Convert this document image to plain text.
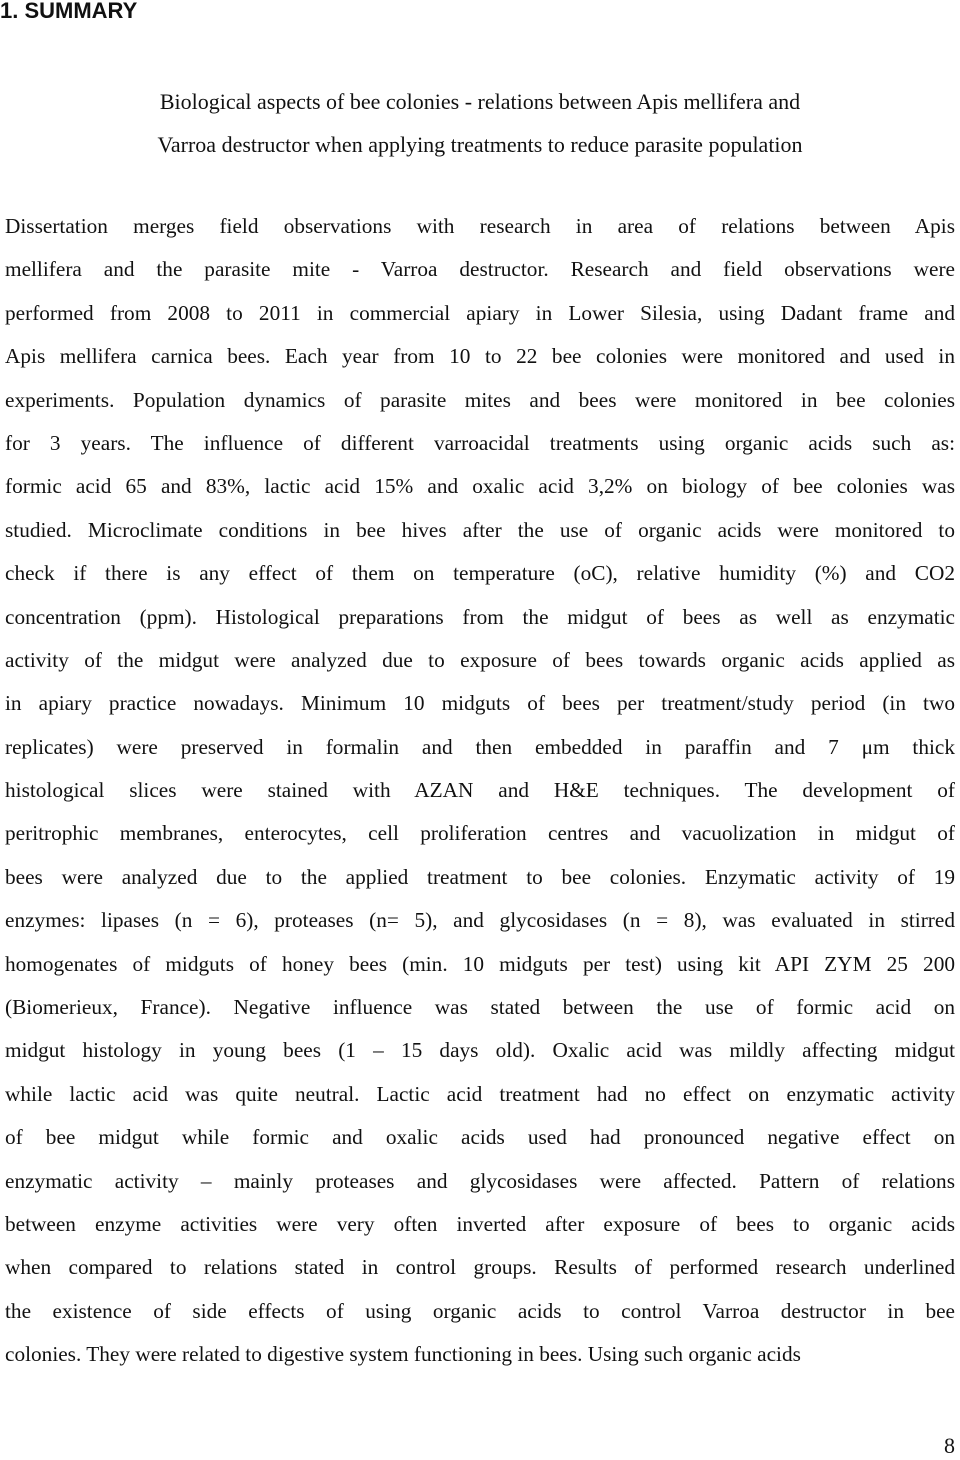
1. SUMMARY
Biological aspects of bee colonies - relations between Apis mellifera and
Varroa destructor when applying treatments to reduce parasite population
Dissertation merges field observations with research in area of relations between Apis
mellifera and the parasite mite - Varroa destructor. Research and field observations were
performed from 2008 to 2011 in commercial apiary in Lower Silesia, using Dadant frame and
Apis mellifera carnica bees. Each year from 10 to 22 bee colonies were monitored and used in
experiments. Population dynamics of parasite mites and bees were monitored in bee colonies
for 3 years. The influence of different varroacidal treatments using organic acids such as:
formic acid 65 and 83%, lactic acid 15% and oxalic acid 3,2% on biology of bee colonies was
studied. Microclimate conditions in bee hives after the use of organic acids were monitored to
check if there is any effect of them on temperature (oC), relative humidity (%) and CO2
concentration (ppm). Histological preparations from the midgut of bees as well as enzymatic
activity of the midgut were analyzed due to exposure of bees towards organic acids applied as
in apiary practice nowadays. Minimum 10 midguts of bees per treatment/study period (in two
replicates) were preserved in formalin and then embedded in paraffin and 7 μm thick
histological slices were stained with AZAN and H&E techniques. The development of
peritrophic membranes, enterocytes, cell proliferation centres and vacuolization in midgut of
bees were analyzed due to the applied treatment to bee colonies. Enzymatic activity of 19
enzymes: lipases (n = 6), proteases (n= 5), and glycosidases (n = 8), was evaluated in stirred
homogenates of midguts of honey bees (min. 10 midguts per test) using kit API ZYM 25 200
(Biomerieux, France). Negative influence was stated between the use of formic acid on
midgut histology in young bees (1 – 15 days old). Oxalic acid was mildly affecting midgut
while lactic acid was quite neutral. Lactic acid treatment had no effect on enzymatic activity
of bee midgut while formic and oxalic acids used had pronounced negative effect on
enzymatic activity – mainly proteases and glycosidases were affected. Pattern of relations
between enzyme activities were very often inverted after exposure of bees to organic acids
when compared to relations stated in control groups. Results of performed research underlined
the existence of side effects of using organic acids to control Varroa destructor in bee
colonies. They were related to digestive system functioning in bees. Using such organic acids
8
